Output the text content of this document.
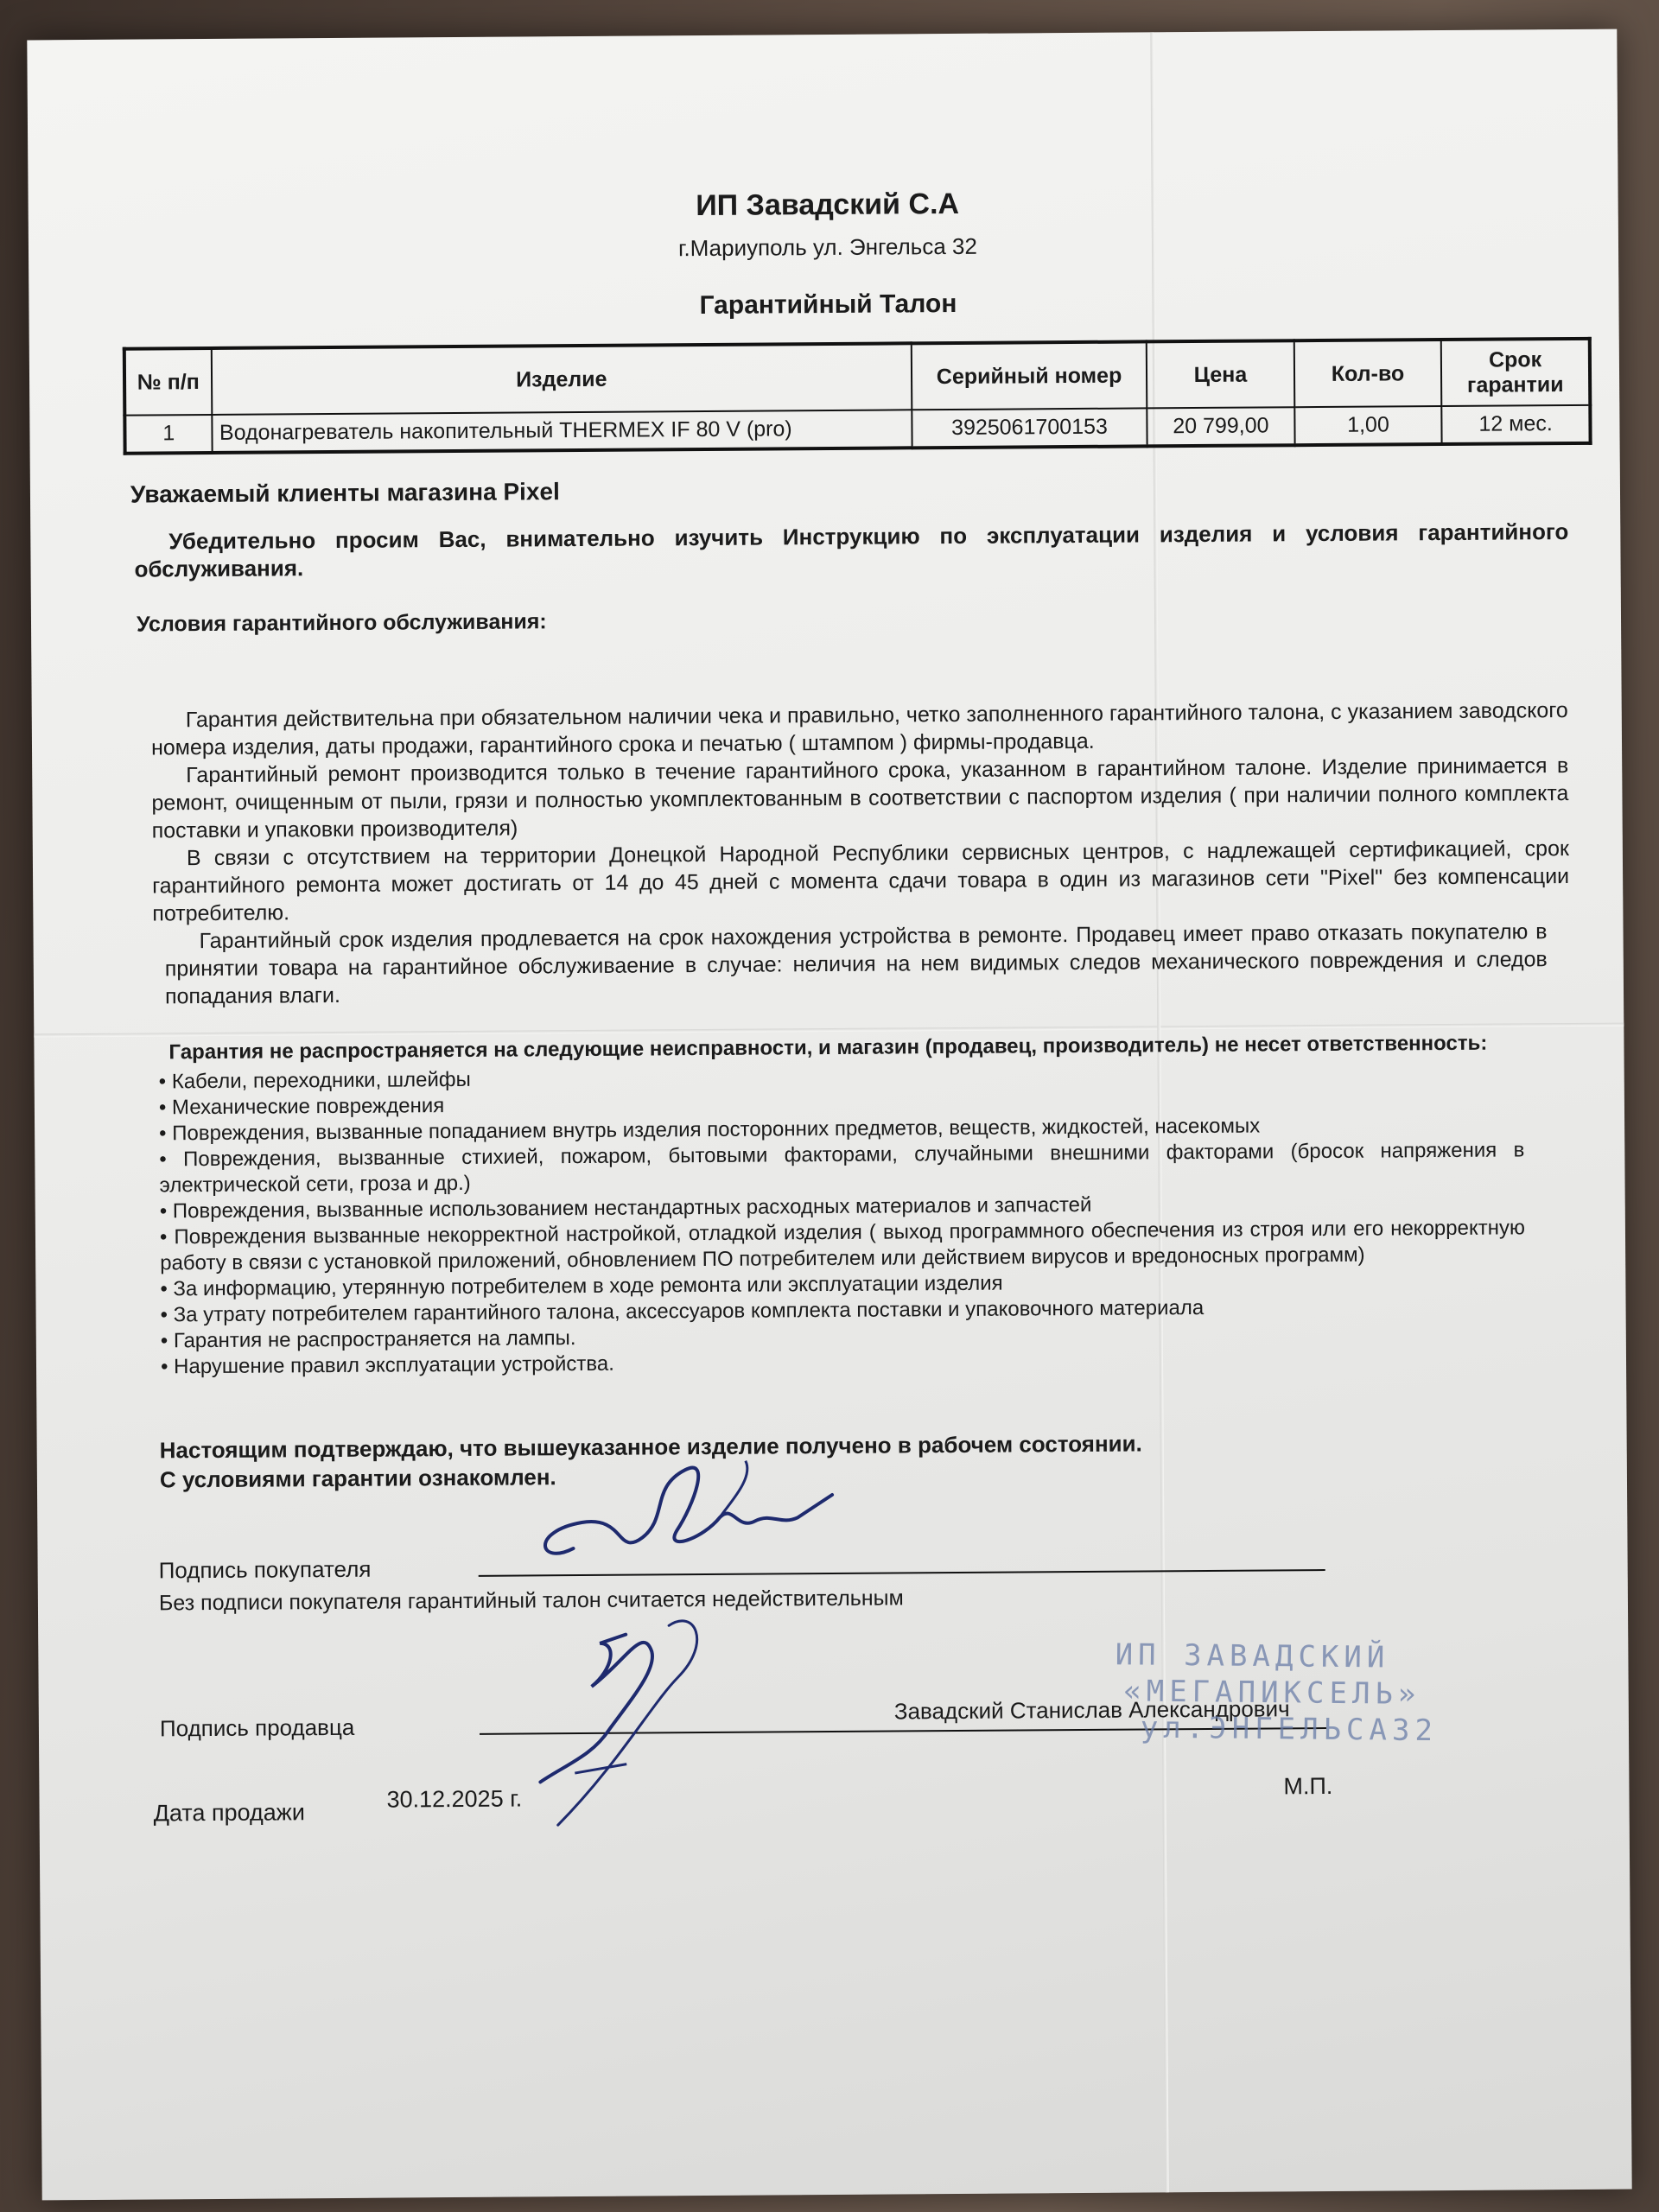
ИП Завадский С.А
г.Мариуполь ул. Энгельса 32
Гарантийный Талон
№ п/п	Изделие	Серийный номер	Цена	Кол-во	Срок гарантии
1	Водонагреватель накопительный THERMEX IF 80 V (pro)	3925061700153	20 799,00	1,00	12 мес.
Уважаемый клиенты магазина Pixel
Убедительно просим Вас, внимательно изучить Инструкцию по эксплуатации изделия и условия гарантийного обслуживания.
Условия гарантийного обслуживания:
Гарантия действительна при обязательном наличии чека и правильно, четко заполненного гарантийного талона, с указанием заводского номера изделия, даты продажи, гарантийного срока и печатью ( штампом ) фирмы-продавца.
Гарантийный ремонт производится только в течение гарантийного срока, указанном в гарантийном талоне. Изделие принимается в ремонт, очищенным от пыли, грязи и полностью укомплектованным в соответствии с паспортом изделия ( при наличии полного комплекта поставки и упаковки производителя)
В связи с отсутствием на территории Донецкой Народной Республики сервисных центров, с надлежащей сертификацией, срок гарантийного ремонта может достигать от 14 до 45 дней с момента сдачи товара в один из магазинов сети "Pixel" без компенсации потребителю.
Гарантийный срок изделия продлевается на срок нахождения устройства в ремонте. Продавец имеет право отказать покупателю в принятии товара на гарантийное обслуживаение в случае: неличия на нем видимых следов механического повреждения и следов попадания влаги.
Гарантия не распространяется на следующие неисправности, и магазин (продавец, производитель) не несет ответственность:
• Кабели, переходники, шлейфы
• Механические повреждения
• Повреждения, вызванные попаданием внутрь изделия посторонних предметов, веществ, жидкостей, насекомых
• Повреждения, вызванные стихией, пожаром, бытовыми факторами, случайными внешними факторами (бросок напряжения в электрической сети, гроза и др.)
• Повреждения, вызванные использованием нестандартных расходных материалов и запчастей
• Повреждения вызванные некорректной настройкой, отладкой изделия ( выход программного обеспечения из строя или его некорректную работу в связи с установкой приложений, обновлением ПО потребителем или действием вирусов и вредоносных программ)
• За информацию, утерянную потребителем в ходе ремонта или эксплуатации изделия
• За утрату потребителем гарантийного талона, аксессуаров комплекта поставки и упаковочного материала
• Гарантия не распространяется на лампы.
• Нарушение правил эксплуатации устройства.
Настоящим подтверждаю, что вышеуказанное изделие получено в рабочем состоянии.
С условиями гарантии ознакомлен.
Подпись покупателя
Без подписи покупателя гарантийный талон считается недействительным
Подпись продавца
Завадский Станислав Александрович
Дата продажи
30.12.2025 г.	М.П.
ИП ЗАВАДСКИЙ
«МЕГАПИКСЕЛЬ»
ул.ЭНГЕЛЬСА32
